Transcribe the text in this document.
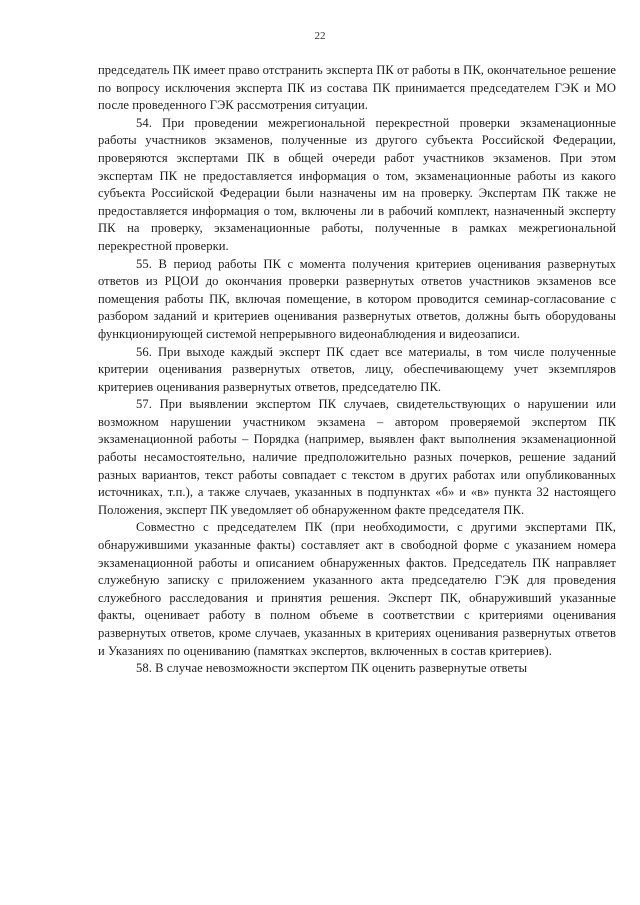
22

председатель ПК имеет право отстранить эксперта ПК от работы в ПК, окончательное решение по вопросу исключения эксперта ПК из состава ПК принимается председателем ГЭК и МО после проведенного ГЭК рассмотрения ситуации.

54. При проведении межрегиональной перекрестной проверки экзаменационные работы участников экзаменов, полученные из другого субъекта Российской Федерации, проверяются экспертами ПК в общей очереди работ участников экзаменов. При этом экспертам ПК не предоставляется информация о том, экзаменационные работы из какого субъекта Российской Федерации были назначены им на проверку. Экспертам ПК также не предоставляется информация о том, включены ли в рабочий комплект, назначенный эксперту ПК на проверку, экзаменационные работы, полученные в рамках межрегиональной перекрестной проверки.

55. В период работы ПК с момента получения критериев оценивания развернутых ответов из РЦОИ до окончания проверки развернутых ответов участников экзаменов все помещения работы ПК, включая помещение, в котором проводится семинар-согласование с разбором заданий и критериев оценивания развернутых ответов, должны быть оборудованы функционирующей системой непрерывного видеонаблюдения и видеозаписи.

56. При выходе каждый эксперт ПК сдает все материалы, в том числе полученные критерии оценивания развернутых ответов, лицу, обеспечивающему учет экземпляров критериев оценивания развернутых ответов, председателю ПК.

57. При выявлении экспертом ПК случаев, свидетельствующих о нарушении или возможном нарушении участником экзамена – автором проверяемой экспертом ПК экзаменационной работы – Порядка (например, выявлен факт выполнения экзаменационной работы несамостоятельно, наличие предположительно разных почерков, решение заданий разных вариантов, текст работы совпадает с текстом в других работах или опубликованных источниках, т.п.), а также случаев, указанных в подпунктах «б» и «в» пункта 32 настоящего Положения, эксперт ПК уведомляет об обнаруженном факте председателя ПК.

Совместно с председателем ПК (при необходимости, с другими экспертами ПК, обнаружившими указанные факты) составляет акт в свободной форме с указанием номера экзаменационной работы и описанием обнаруженных фактов. Председатель ПК направляет служебную записку с приложением указанного акта председателю ГЭК для проведения служебного расследования и принятия решения. Эксперт ПК, обнаруживший указанные факты, оценивает работу в полном объеме в соответствии с критериями оценивания развернутых ответов, кроме случаев, указанных в критериях оценивания развернутых ответов и Указаниях по оцениванию (памятках экспертов, включенных в состав критериев).

58. В случае невозможности экспертом ПК оценить развернутые ответы
